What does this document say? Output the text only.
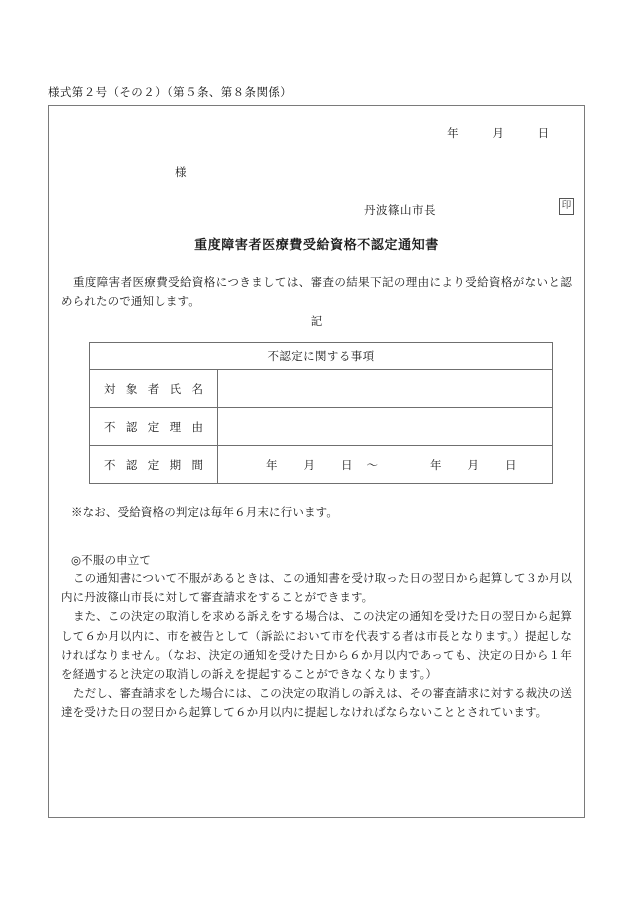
様式第２号（その２）（第５条、第８条関係）
年	月	日
様
丹波篠山市長	印
重度障害者医療費受給資格不認定通知書
重度障害者医療費受給資格につきましては、審査の結果下記の理由により受給資格がないと認められたので通知します。
記
不認定に関する事項	

対 象 者 氏 名	

不 認 定 理 由	

不 認 定 期 間	年 月 日 〜	年 月 日
※なお、受給資格の判定は毎年６月末に行います。
◎不服の申立て

この通知書について不服があるときは、この通知書を受け取った日の翌日から起算して３か月以内に丹波篠山市長に対して審査請求をすることができます。

また、この決定の取消しを求める訴えをする場合は、この決定の通知を受けた日の翌日から起算して６か月以内に、市を被告として（訴訟において市を代表する者は市長となります。）提起しなければなりません。（なお、決定の通知を受けた日から６か月以内であっても、決定の日から１年を経過すると決定の取消しの訴えを提起することができなくなります。）

ただし、審査請求をした場合には、この決定の取消しの訴えは、その審査請求に対する裁決の送達を受けた日の翌日から起算して６か月以内に提起しなければならないこととされています。
